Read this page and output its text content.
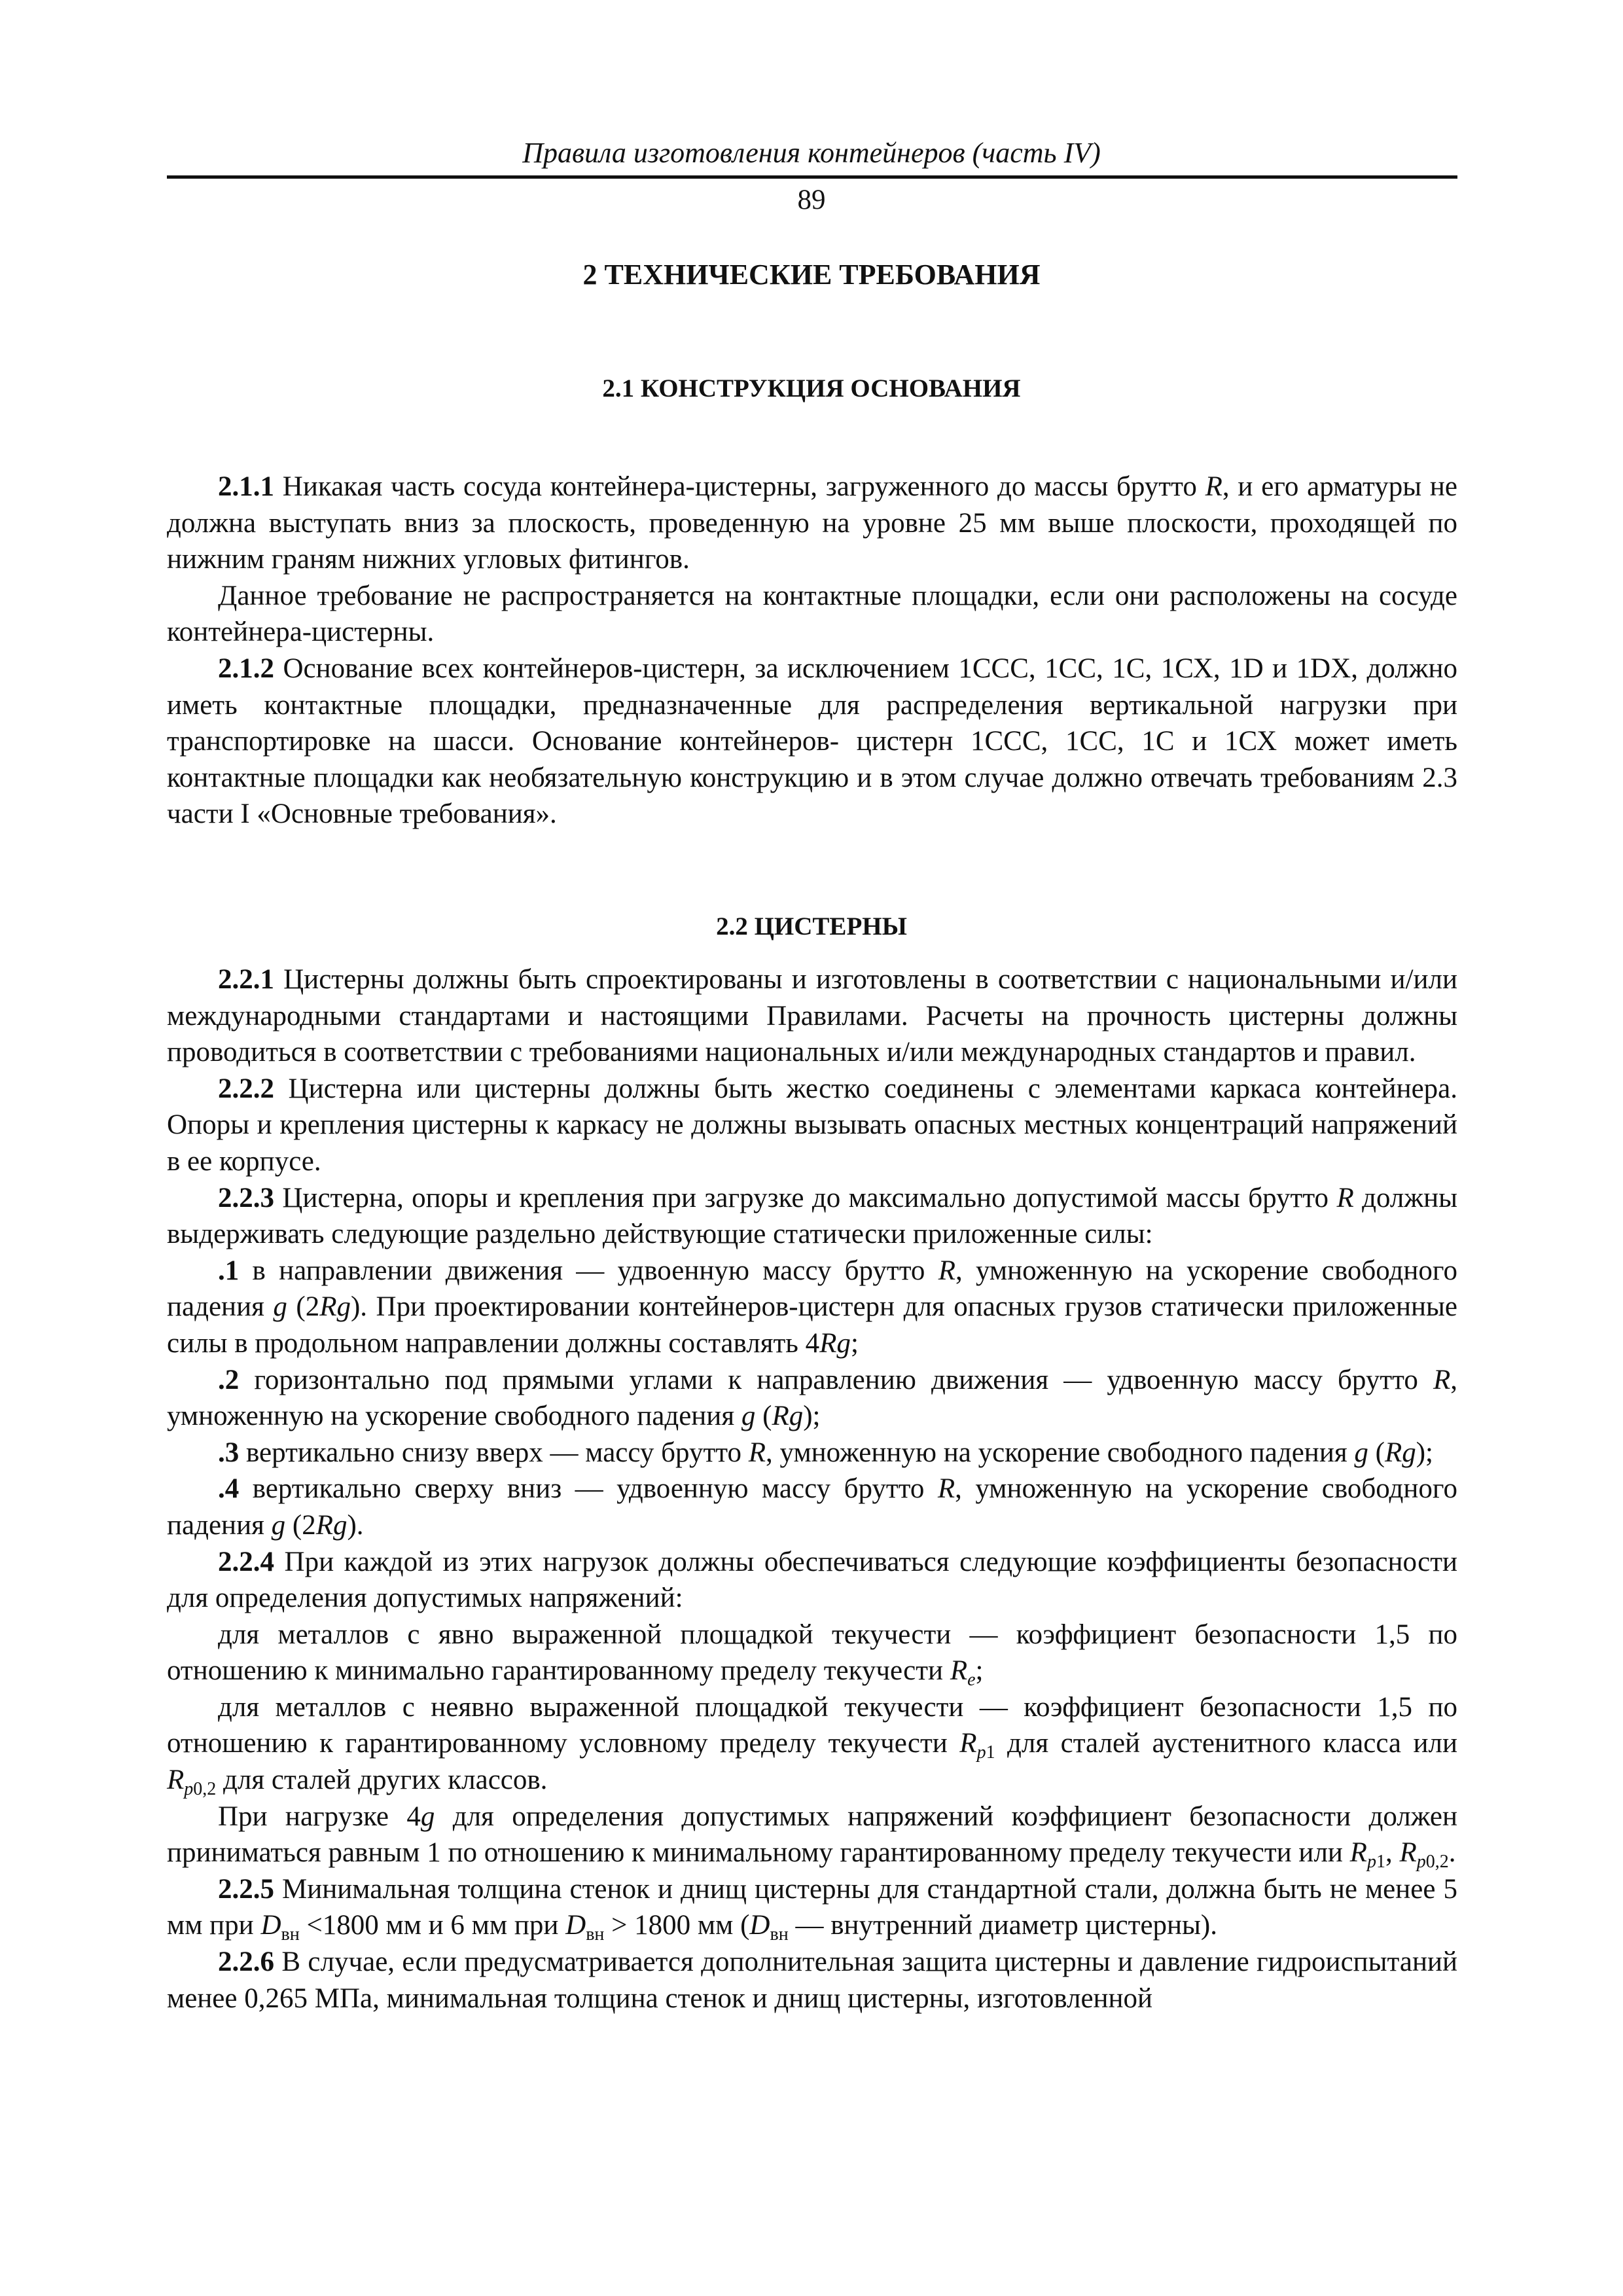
Правила изготовления контейнеров (часть IV)
89
2 ТЕХНИЧЕСКИЕ ТРЕБОВАНИЯ
2.1 КОНСТРУКЦИЯ ОСНОВАНИЯ

2.1.1 Никакая часть сосуда контейнера-цистерны, загруженного до массы брутто R, и его арматуры не должна выступать вниз за плоскость, проведенную на уровне 25 мм выше плоскости, проходящей по нижним граням нижних угловых фитингов.

Данное требование не распространяется на контактные площадки, если они расположены на сосуде контейнера-цистерны.

2.1.2 Основание всех контейнеров-цистерн, за исключением 1ССС, 1СС, 1С, 1СХ, 1D и 1DX, должно иметь контактные площадки, предназначенные для распределения вертикальной нагрузки при транспортировке на шасси. Основание контейнеров- цистерн 1ССС, 1СС, 1С и 1СХ может иметь контактные площадки как необязательную конструкцию и в этом случае должно отвечать требованиям 2.3 части I «Основные требования».

2.2 ЦИСТЕРНЫ

2.2.1 Цистерны должны быть спроектированы и изготовлены в соответствии с национальными и/или международными стандартами и настоящими Правилами. Расчеты на прочность цистерны должны проводиться в соответствии с требованиями национальных и/или международных стандартов и правил.

2.2.2 Цистерна или цистерны должны быть жестко соединены с элементами каркаса контейнера. Опоры и крепления цистерны к каркасу не должны вызывать опасных местных концентраций напряжений в ее корпусе.

2.2.3 Цистерна, опоры и крепления при загрузке до максимально допустимой массы брутто R должны выдерживать следующие раздельно действующие статически приложенные силы:

.1 в направлении движения — удвоенную массу брутто R, умноженную на ускорение свободного падения g (2Rg). При проектировании контейнеров-цистерн для опасных грузов статически приложенные силы в продольном направлении должны составлять 4Rg;

.2 горизонтально под прямыми углами к направлению движения — удвоенную массу брутто R, умноженную на ускорение свободного падения g (Rg);

.3 вертикально снизу вверх — массу брутто R, умноженную на ускорение свободного падения g (Rg);

.4 вертикально сверху вниз — удвоенную массу брутто R, умноженную на ускорение свободного падения g (2Rg).

2.2.4 При каждой из этих нагрузок должны обеспечиваться следующие коэффициенты безопасности для определения допустимых напряжений:

для металлов с явно выраженной площадкой текучести — коэффициент безопасности 1,5 по отношению к минимально гарантированному пределу текучести $R_e$;

для металлов с неявно выраженной площадкой текучести — коэффициент безопасности 1,5 по отношению к гарантированному условному пределу текучести $R_{p1}$ для сталей аустенитного класса или $R_{p0,2}$ для сталей других классов.

При нагрузке 4g для определения допустимых напряжений коэффициент безопасности должен приниматься равным 1 по отношению к минимальному гарантированному пределу текучести или $R_{p1}$, $R_{p0,2}$.

2.2.5 Минимальная толщина стенок и днищ цистерны для стандартной стали, должна быть не менее 5 мм при $D_{вн} <1800$ мм и 6 мм при $D_{вн} > 1800$ мм ($D_{вн}$ — внутренний диаметр цистерны).

2.2.6 В случае, если предусматривается дополнительная защита цистерны и давление гидроиспытаний менее 0,265 МПа, минимальная толщина стенок и днищ цистерны, изготовленной
